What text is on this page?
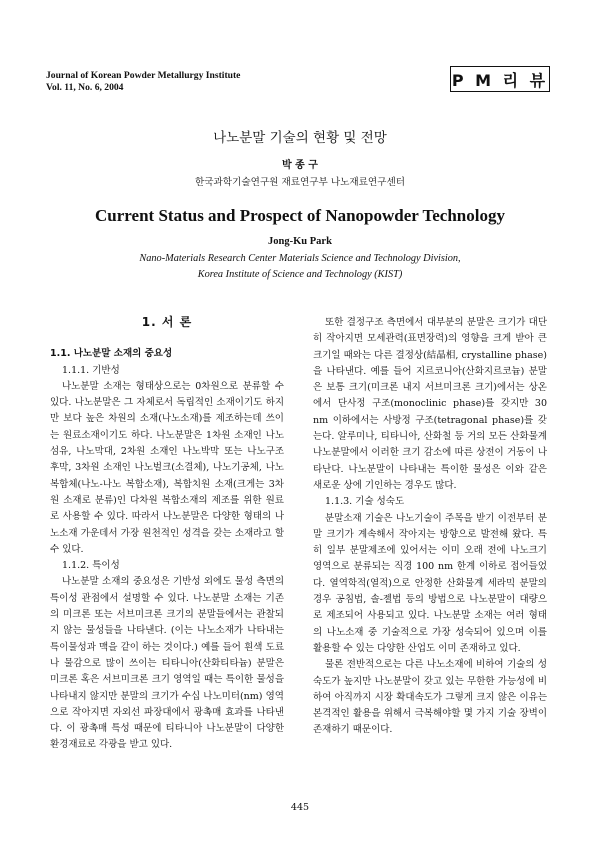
Journal of Korean Powder Metallurgy Institute
Vol. 11, No. 6, 2004	P M 리 뷰
나노분말 기술의 현황 및 전망
박 종 구
한국과학기술연구원 재료연구부 나노재료연구센터
Current Status and Prospect of Nanopowder Technology
Jong-Ku Park
Nano-Materials Research Center Materials Science and Technology Division,
Korea Institute of Science and Technology (KIST)
1. 서 론
1.1. 나노분말 소재의 중요성
1.1.1. 기반성

나노분말 소재는 형태상으로는 0차원으로 분류할 수 있다. 나노분말은 그 자체로서 독립적인 소재이기도 하지만 보다 높은 차원의 소재(나노소재)를 제조하는데 쓰이는 원료소재이기도 하다. 나노분말은 1차원 소재인 나노섬유, 나노막대, 2차원 소재인 나노박막 또는 나노구조 후막, 3차원 소재인 나노벌크(소결체), 나노기공체, 나노복합체(나노-나노 복합소재), 복합치원 소재(크게는 3차원 소재로 분류)인 다차원 복합소재의 제조를 위한 원료로 사용할 수 있다. 따라서 나노분말은 다양한 형태의 나노소재 가운데서 가장 원천적인 성격을 갖는 소재라고 할 수 있다.

1.1.2. 특이성

나노분말 소재의 중요성은 기반성 외에도 물성 측면의 특이성 관점에서 설명할 수 있다. 나노분말 소재는 기존의 미크론 또는 서브미크론 크기의 분말들에서는 관찰되지 않는 물성들을 나타낸다. (이는 나노소재가 나타내는 특이물성과 맥을 같이 하는 것이다.) 예를 들어 흰색 도료나 물감으로 많이 쓰이는 티타니아(산화티타늄) 분말은 미크론 혹은 서브미크론 크기 영역일 때는 특이한 물성을 나타내지 않지만 분말의 크기가 수십 나노미터(nm) 영역으로 작아지면 자외선 파장대에서 광촉매 효과를 나타낸다. 이 광촉매 특성 때문에 티타니아 나노분말이 다양한 환경재료로 각광을 받고 있다.

또한 결정구조 측면에서 대부분의 분말은 크기가 대단히 작아지면 모세관력(표면장력)의 영향을 크게 받아 큰 크기일 때와는 다른 결정상(結晶相, crystalline phase)을 나타낸다. 예를 들어 지르코니아(산화지르코늄) 분말은 보통 크기(미크론 내지 서브미크론 크기)에서는 상온에서 단사정 구조(monoclinic phase)를 갖지만 30 nm 이하에서는 사방정 구조(tetragonal phase)를 갖는다. 알루미나, 티타니아, 산화철 등 거의 모든 산화물계 나노분말에서 이러한 크기 감소에 따른 상전이 거동이 나타난다. 나노분말이 나타내는 특이한 물성은 이와 같은 새로운 상에 기인하는 경우도 많다.

1.1.3. 기술 성숙도

분말소재 기술은 나노기술이 주목을 받기 이전부터 분말 크기가 계속해서 작아지는 방향으로 발전해 왔다. 특히 일부 분말제조에 있어서는 이미 오래 전에 나노크기 영역으로 분류되는 직경 100 nm 한계 이하로 접어들었다. 열역학적(열적)으로 안정한 산화물계 세라믹 분말의 경우 공침법, 솔-젤법 등의 방법으로 나노분말이 대량으로 제조되어 사용되고 있다. 나노분말 소재는 여러 형태의 나노소재 중 기술적으로 가장 성숙되어 있으며 이를 활용할 수 있는 다양한 산업도 이미 존재하고 있다.

물론 전반적으로는 다른 나노소재에 비하여 기술의 성숙도가 높지만 나노분말이 갖고 있는 무한한 가능성에 비하여 아직까지 시장 확대속도가 그렇게 크지 않은 이유는 본격적인 활용을 위해서 극복해야할 몇 가지 기술 장벽이 존재하기 때문이다.

445
